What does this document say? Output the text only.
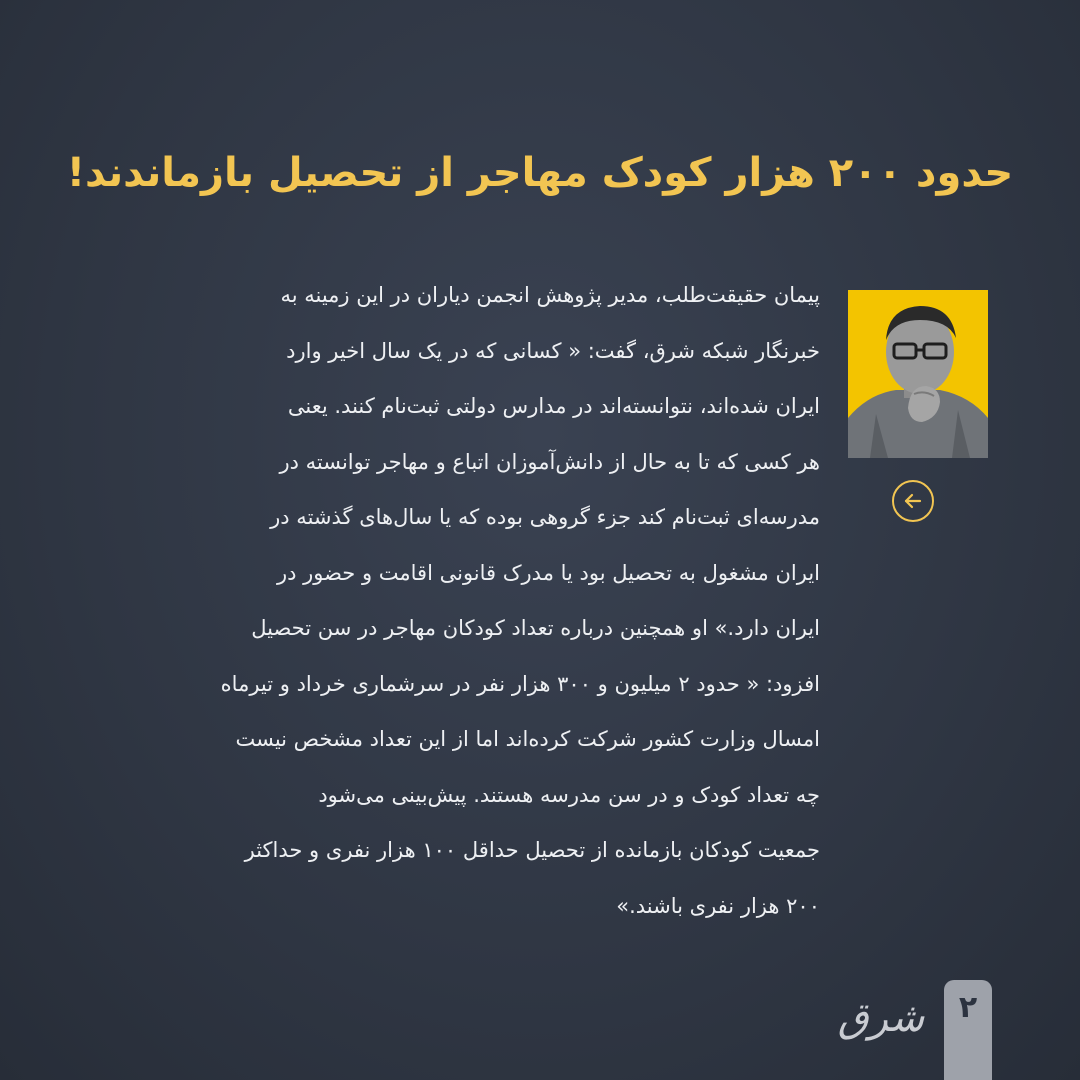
حدود ۲۰۰ هزار کودک مهاجر از تحصیل بازماندند!
پیمان حقیقت‌طلب، مدیر پژوهش انجمن دیاران در این زمینه به
خبرنگار شبکه شرق، گفت: « کسانی که در یک سال اخیر وارد
ایران شده‌اند، نتوانسته‌اند در مدارس دولتی ثبت‌نام کنند. یعنی
هر کسی که تا به حال از دانش‌آموزان اتباع و مهاجر توانسته در
مدرسه‌ای ثبت‌نام کند جزء گروهی بوده که یا سال‌های گذشته در
ایران مشغول به تحصیل بود یا مدرک قانونی اقامت و حضور در
ایران دارد.» او همچنین درباره تعداد کودکان مهاجر در سن تحصیل
افزود: « حدود ۲ میلیون و ۳۰۰ هزار نفر در سرشماری خرداد و تیرماه
امسال وزارت کشور شرکت کرده‌اند اما از این تعداد مشخص نیست
چه تعداد کودک و در سن مدرسه هستند. پیش‌بینی می‌شود
جمعیت کودکان بازمانده از تحصیل حداقل ۱۰۰ هزار نفری و حداکثر
۲۰۰ هزار نفری باشند.»
شرق	۲
